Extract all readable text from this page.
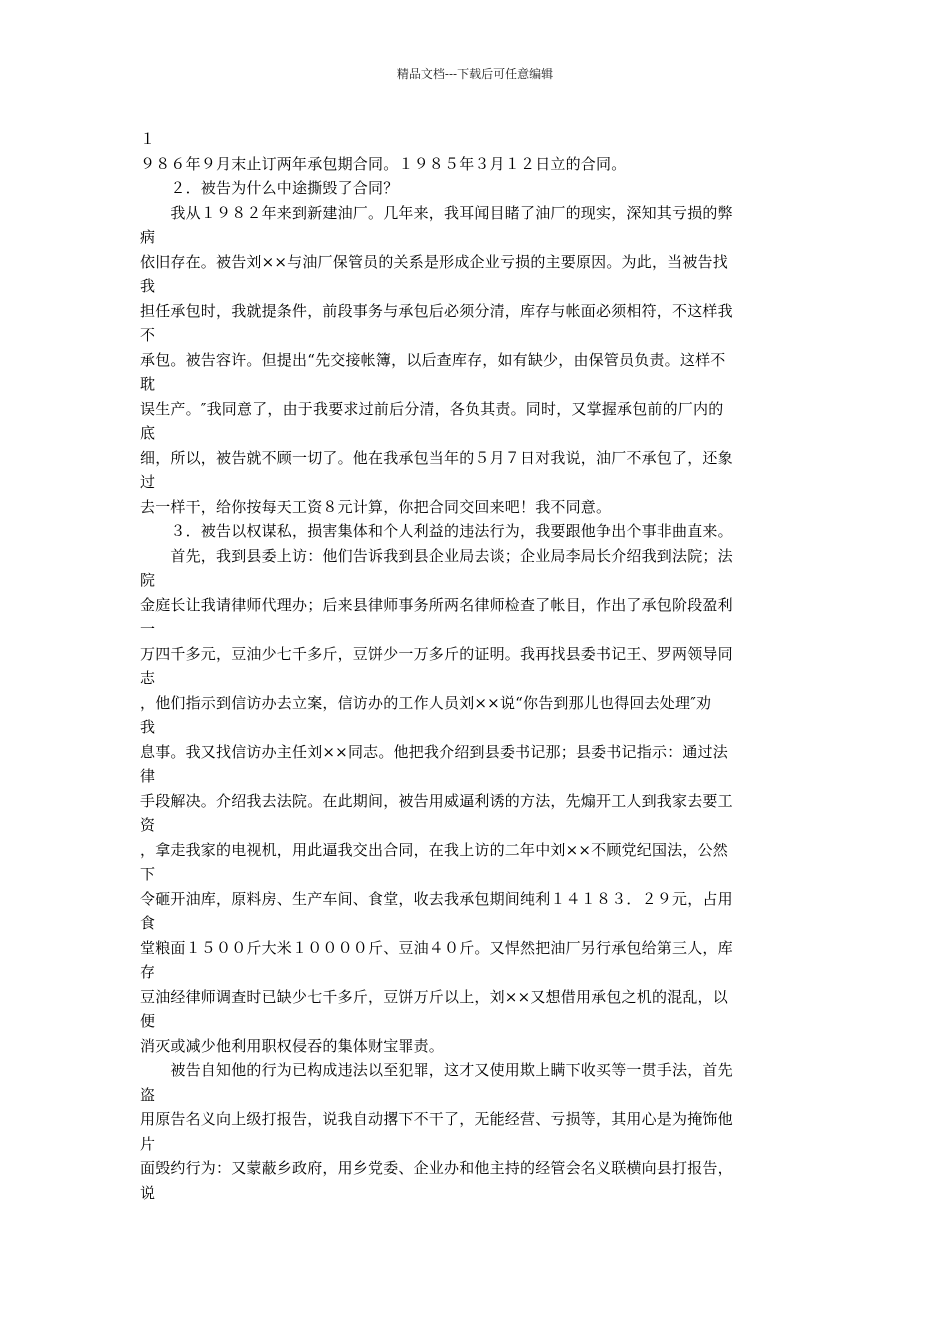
精品文档---下载后可任意编辑
１
９８６年９月末止订两年承包期合同。１９８５年３月１２日立的合同。
　　２．被告为什么中途撕毁了合同？
　　我从１９８２年来到新建油厂。几年来，我耳闻目睹了油厂的现实，深知其亏损的弊
病
依旧存在。被告刘××与油厂保管员的关系是形成企业亏损的主要原因。为此，当被告找
我
担任承包时，我就提条件，前段事务与承包后必须分清，库存与帐面必须相符，不这样我
不
承包。被告容许。但提出“先交接帐簿，以后查库存，如有缺少，由保管员负责。这样不
耽
误生产。″我同意了，由于我要求过前后分清，各负其责。同时，又掌握承包前的厂内的
底
细，所以，被告就不顾一切了。他在我承包当年的５月７日对我说，油厂不承包了，还象
过
去一样干，给你按每天工资８元计算，你把合同交回来吧！我不同意。
　　３．被告以权谋私，损害集体和个人利益的违法行为，我要跟他争出个事非曲直来。
　　首先，我到县委上访：他们告诉我到县企业局去谈；企业局李局长介绍我到法院；法
院
金庭长让我请律师代理办；后来县律师事务所两名律师检查了帐目，作出了承包阶段盈利
一
万四千多元，豆油少七千多斤，豆饼少一万多斤的证明。我再找县委书记王、罗两领导同
志
，他们指示到信访办去立案，信访办的工作人员刘××说“你告到那儿也得回去处理″劝
我
息事。我又找信访办主任刘××同志。他把我介绍到县委书记那；县委书记指示：通过法
律
手段解决。介绍我去法院。在此期间，被告用威逼利诱的方法，先煽开工人到我家去要工
资
，拿走我家的电视机，用此逼我交出合同，在我上访的二年中刘××不顾党纪国法，公然
下
令砸开油库，原料房、生产车间、食堂，收去我承包期间纯利１４１８３．２９元，占用
食
堂粮面１５００斤大米１００００斤、豆油４０斤。又悍然把油厂另行承包给第三人，库
存
豆油经律师调查时已缺少七千多斤，豆饼万斤以上，刘××又想借用承包之机的混乱，以
便
消灭或减少他利用职权侵吞的集体财宝罪责。
　　被告自知他的行为已构成违法以至犯罪，这才又使用欺上瞒下收买等一贯手法，首先
盗
用原告名义向上级打报告，说我自动撂下不干了，无能经营、亏损等，其用心是为掩饰他
片
面毁约行为：又蒙蔽乡政府，用乡党委、企业办和他主持的经管会名义联横向县打报告，
说
